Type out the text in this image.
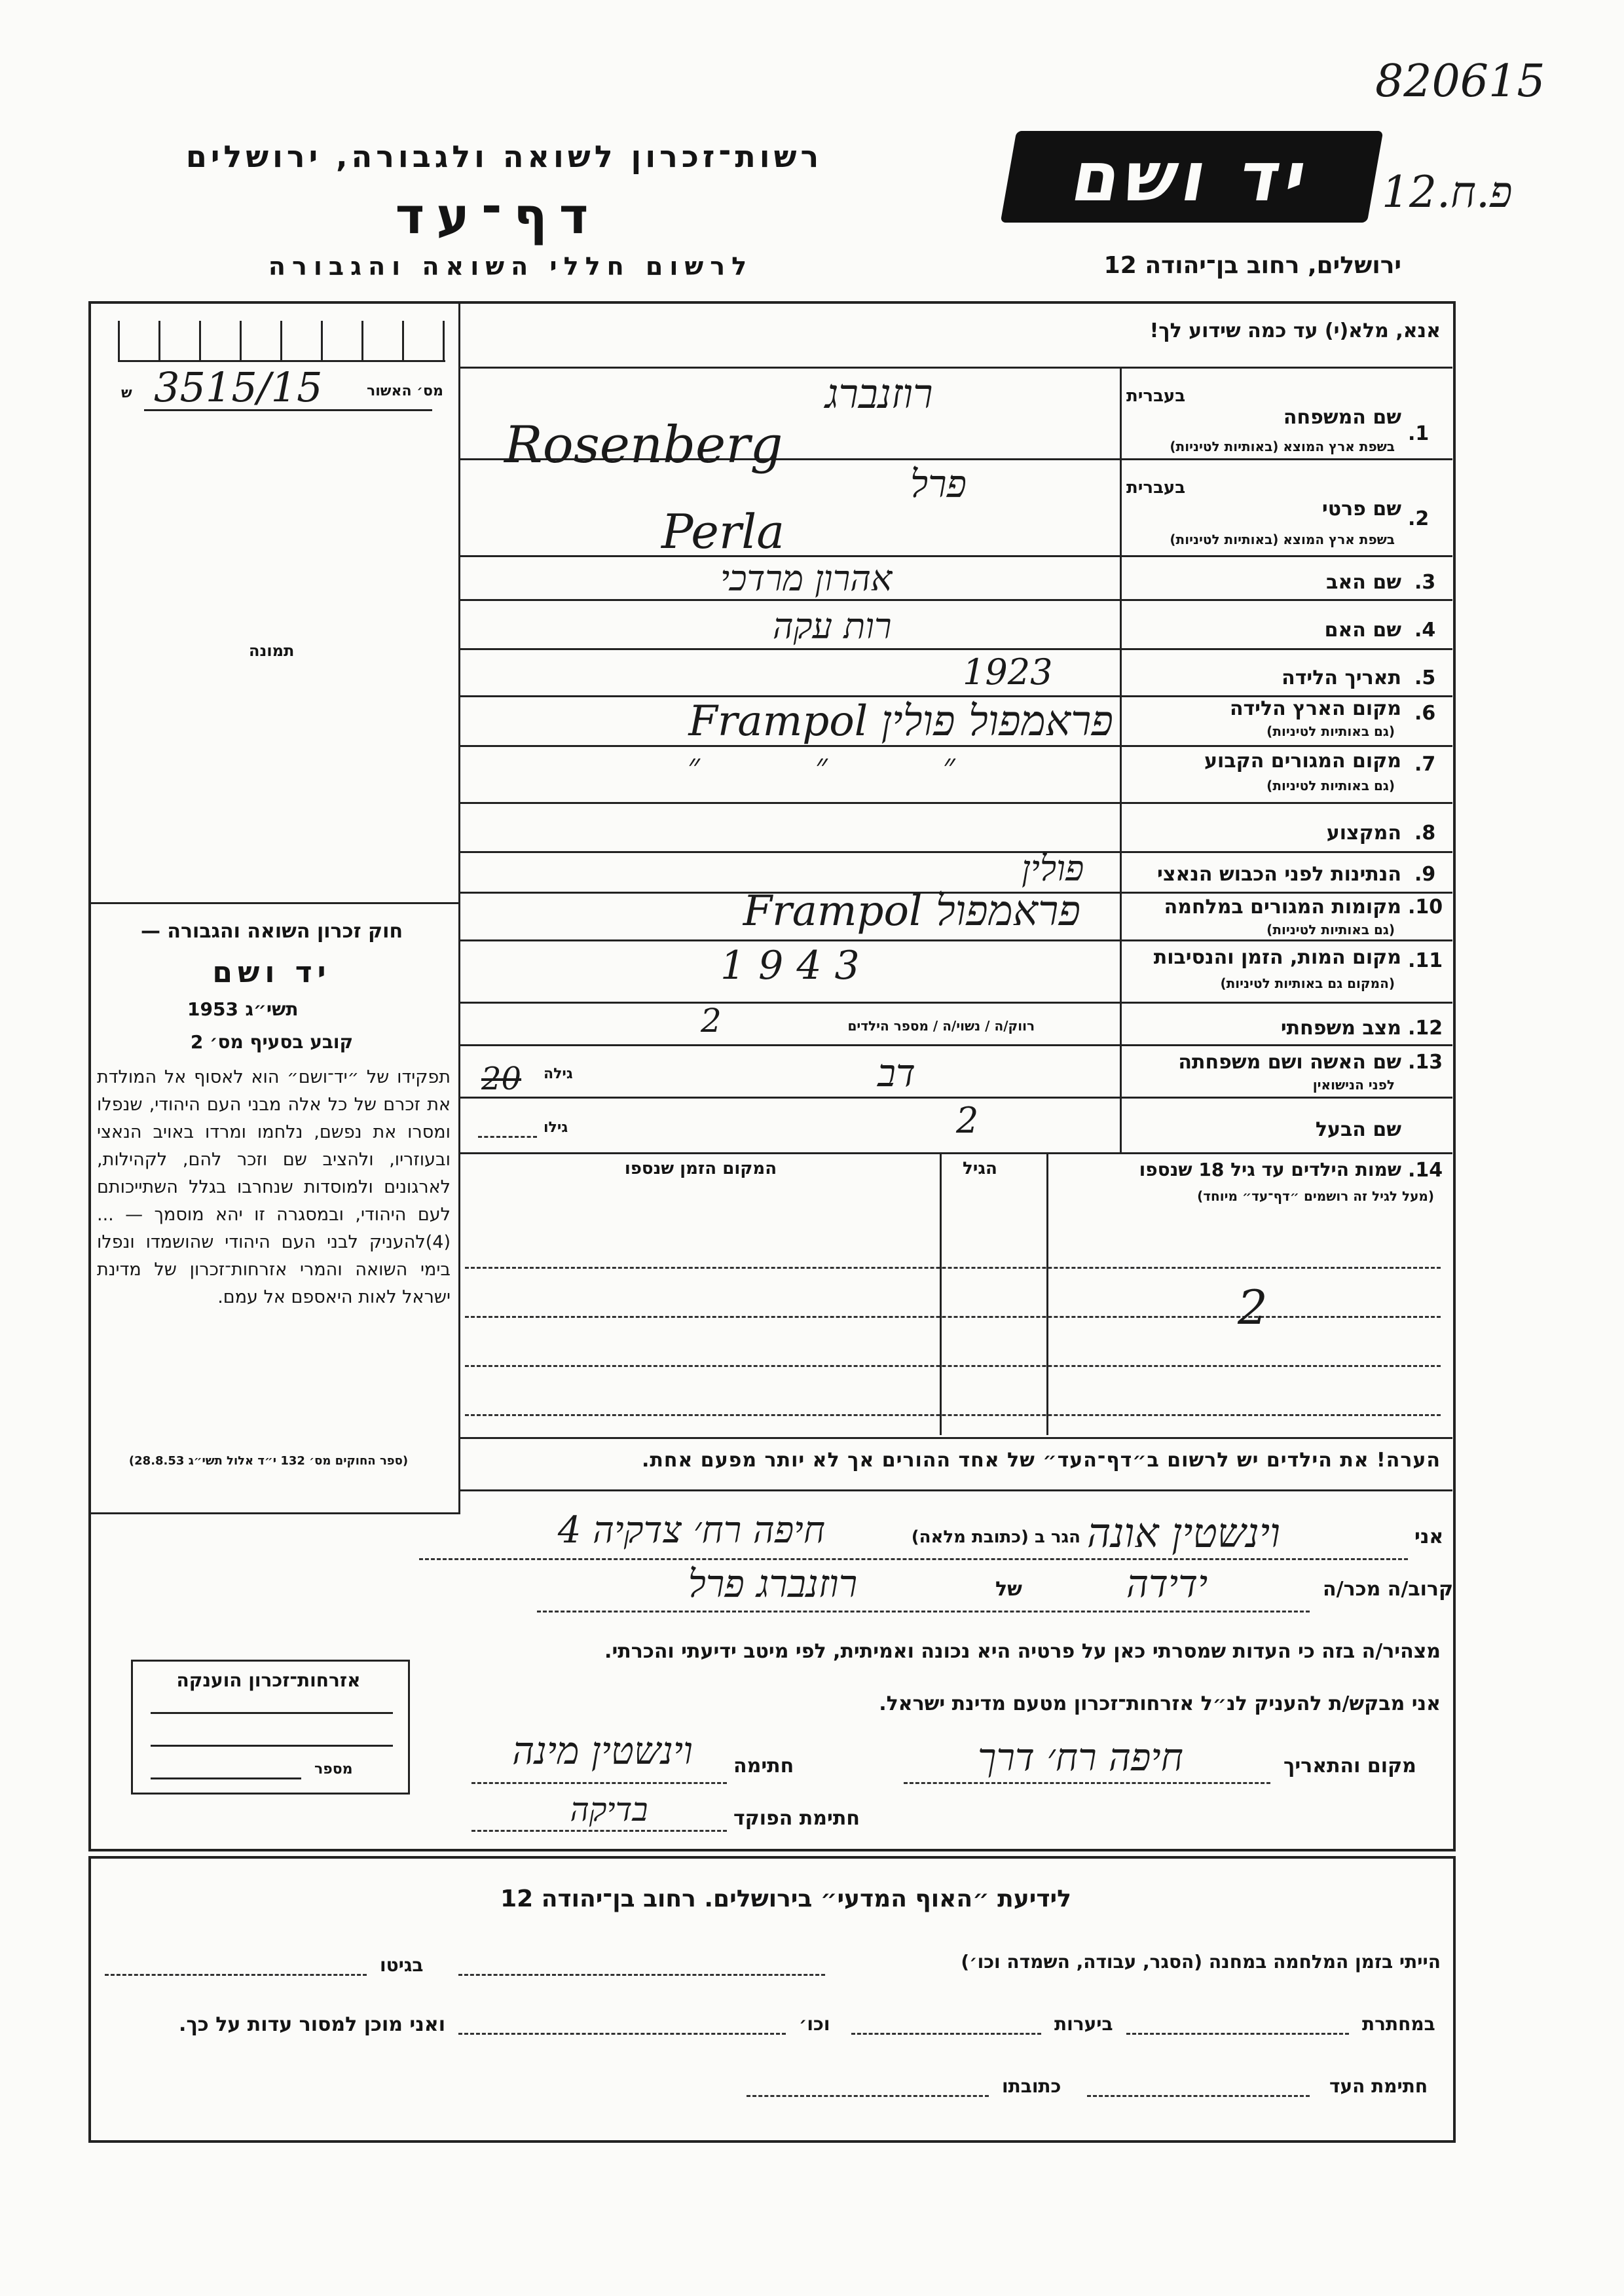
820615
פ.ח.12
רשות־זכרון לשואה ולגבורה, ירושלים
דף־עד
לרשום חללי השואה והגבורה
יד ושם
ירושלים, רחוב בן־יהודה 12
מס׳ האשור
3515/15
ש
תמונה
חוק זכרון השואה והגבורה —
יד ושם
תשי״ג
1953
קובע בסעיף מס׳ 2
תפקידו של ״יד־ושם״ הוא לאסוף אל המולדת את זכרם של כל אלה מבני העם היהודי, שנפלו ומסרו את נפשם, נלחמו ומרדו באויב הנאצי ובעוזריו, ולהציב שם וזכר להם, לקהילות, לארגונים ולמוסדות שנחרבו בגלל השתייכותם לעם היהודי, ובמסגרה זו יהא מוסמך — ...(4)להעניק לבני העם היהודי שהושמדו ונפלו בימי השואה והמרי אזרחות־זכרון של מדינת ישראל לאות היאספם אל עמם.
(ספר החוקים מס׳ 132 י״ד אלול תשי״ג 28.8.53)
אזרחות־זכרון הוענקה
מספר
אנא, מלא(י) עד כמה שידוע לך!
1.
שם המשפחה
בשפת ארץ המוצא (באותיות לטיניות)
בעברית
רוזנברג
Rosenberg
2.
שם פרטי
בשפת ארץ המוצא (באותיות לטיניות)
בעברית
פרל
Perla
3.
שם האב
אהרון מרדכי
4.
שם האם
רות עקה
5.
תאריך הלידה
1923
6.
מקום הארץ הלידה
(גם באותיות לטיניות)
פראמפול פולין Frampol
7.
מקום המגורים הקבוע
(גם באותיות לטיניות)
״ ״ ״
8.
המקצוע
9.
הנתינות לפני הכבוש הנאצי
פולין
10.
מקומות המגורים במלחמה
(גם באותיות לטיניות)
פראמפול Frampol
11.
מקום המות, הזמן והנסיבות
(המקום גם באותיות לטיניות)
1943
12.
מצב משפחתי
רווק/ה / נשוי/ה / מספר הילדים
2
13.
שם האשה ושם משפחתה
לפני הנישואין
גילה
20	דב
שם הבעל
גילו	2
14.
שמות הילדים עד גיל 18 שנספו
(מעל לגיל זה רושמים ״דף־עד״ מיוחד)
הגיל
המקום הזמן שנספו
2
הערה! את הילדים יש לרשום ב״דף־העד״ של אחד ההורים אך לא יותר מפעם אחת.
אני
וינשטין אונה
הגר ב (כתובת מלאה)
חיפה רח׳ צדקיה 4
קרוב/ה מכר/ה
ידידה
של
רוזנברג פרל
מצהיר/ה בזה כי העדות שמסרתי כאן על פרטיה היא נכונה ואמיתית, לפי מיטב ידיעתי והכרתי.
אני מבקש/ת להעניק לנ״ל אזרחות־זכרון מטעם מדינת ישראל.
מקום והתאריך
חיפה רח׳ דרך
חתימה
וינשטין מינה
חתימת הפוקד
בדיקה
לידיעת ״האוף המדעי״ בירושלים. רחוב בן־יהודה 12
הייתי בזמן המלחמה במחנה (הסגר, עבודה, השמדה וכו׳)
בגיטו
במחתרת
ביערות
וכו׳
ואני מוכן למסור עדות על כך.
חתימת העד
כתובתו
